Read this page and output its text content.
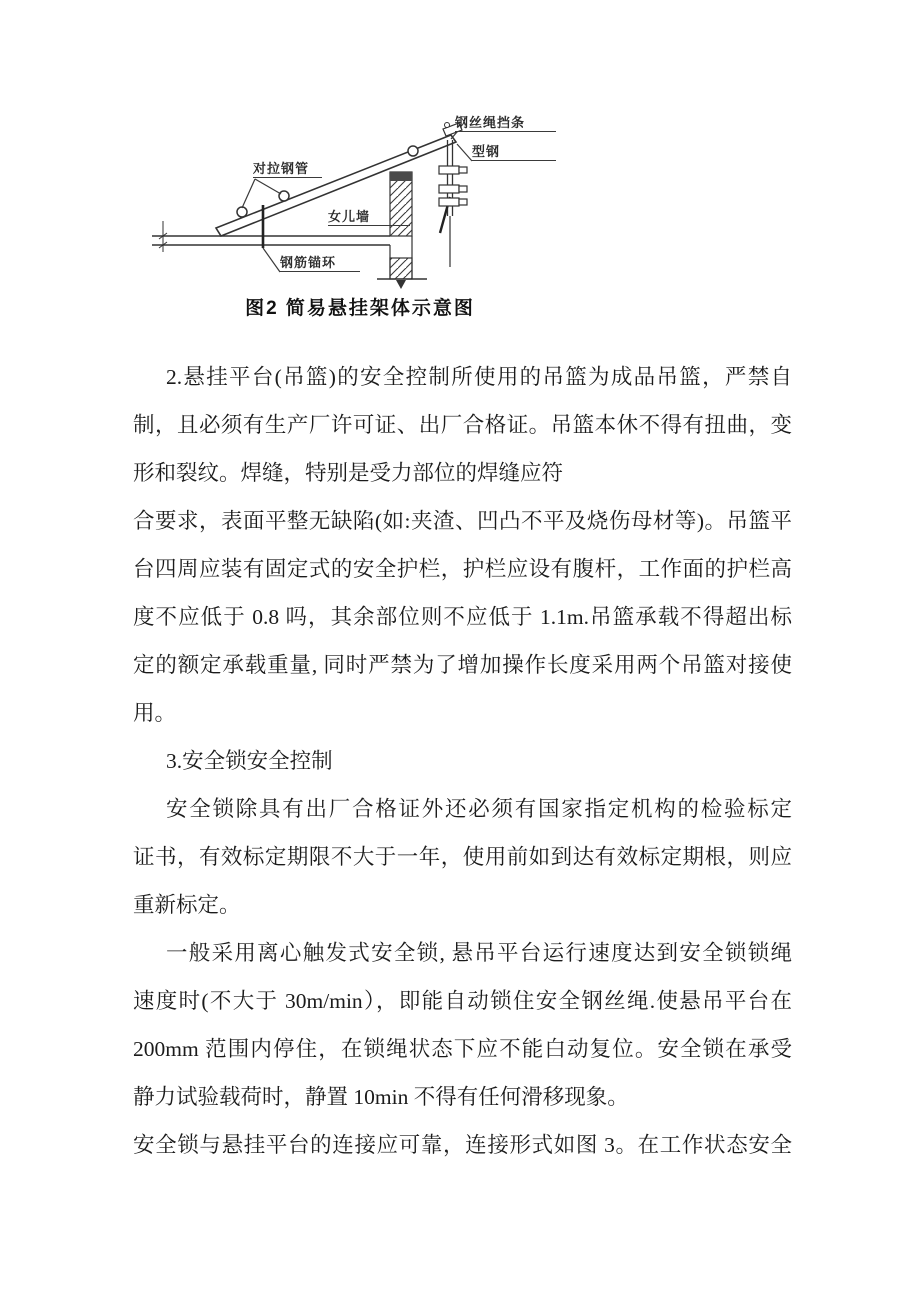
钢丝绳挡条
型钢
对拉钢管
女儿墙
钢筋锚环
图2 简易悬挂架体示意图
2.悬挂平台(吊篮)的安全控制所使用的吊篮为成品吊篮，严禁自
制，且必须有生产厂许可证、出厂合格证。吊篮本休不得有扭曲，变
形和裂纹。焊缝，特别是受力部位的焊缝应符
合要求，表面平整无缺陷(如:夹渣、凹凸不平及烧伤母材等)。吊篮平
台四周应装有固定式的安全护栏，护栏应设有腹杆，工作面的护栏高
度不应低于 0.8 吗，其余部位则不应低于 1.1m.吊篮承载不得超出标
定的额定承载重量, 同时严禁为了增加操作长度采用两个吊篮对接使
用。
3.安全锁安全控制
安全锁除具有出厂合格证外还必须有国家指定机构的检验标定
证书，有效标定期限不大于一年，使用前如到达有效标定期根，则应
重新标定。
一般采用离心触发式安全锁, 悬吊平台运行速度达到安全锁锁绳
速度时(不大于 30m/min），即能自动锁住安全钢丝绳.使悬吊平台在
200mm 范围内停住，在锁绳状态下应不能白动复位。安全锁在承受
静力试验载荷时，静置 10min 不得有任何滑移现象。
安全锁与悬挂平台的连接应可靠，连接形式如图 3。在工作状态安全
